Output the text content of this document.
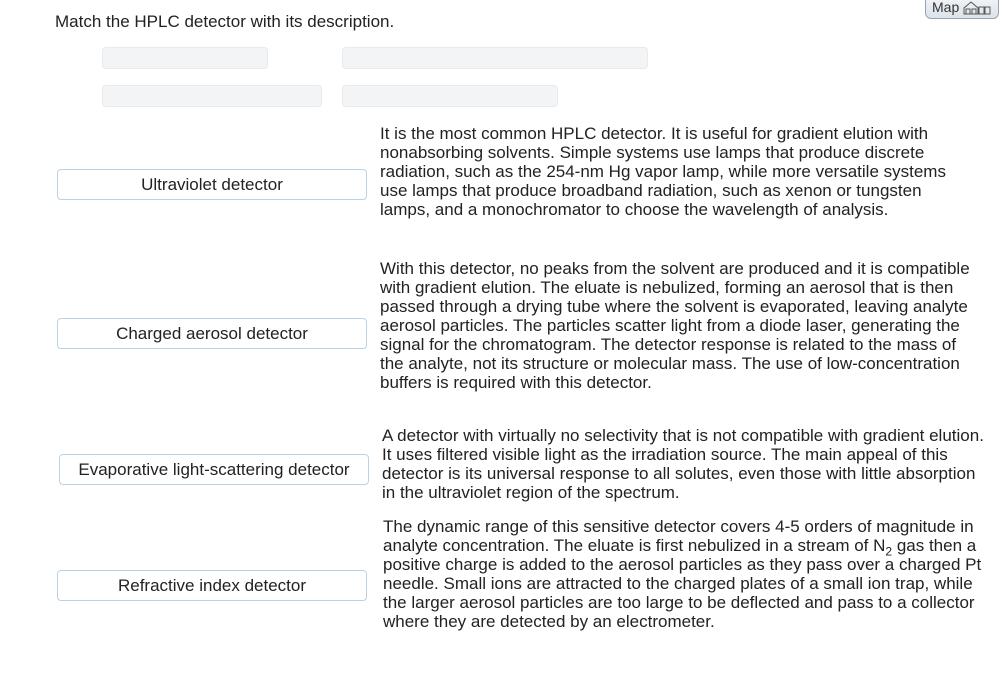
Match the HPLC detector with its description.
Map
Ultraviolet detector
Charged aerosol detector
Evaporative light-scattering detector
Refractive index detector
It is the most common HPLC detector. It is useful for gradient elution with nonabsorbing solvents. Simple systems use lamps that produce discrete radiation, such as the 254-nm Hg vapor lamp, while more versatile systems use lamps that produce broadband radiation, such as xenon or tungsten lamps, and a monochromator to choose the wavelength of analysis.
With this detector, no peaks from the solvent are produced and it is compatible with gradient elution. The eluate is nebulized, forming an aerosol that is then passed through a drying tube where the solvent is evaporated, leaving analyte aerosol particles. The particles scatter light from a diode laser, generating the signal for the chromatogram. The detector response is related to the mass of the analyte, not its structure or molecular mass. The use of low-concentration buffers is required with this detector.
A detector with virtually no selectivity that is not compatible with gradient elution. It uses filtered visible light as the irradiation source. The main appeal of this detector is its universal response to all solutes, even those with little absorption in the ultraviolet region of the spectrum.
The dynamic range of this sensitive detector covers 4-5 orders of magnitude in analyte concentration. The eluate is first nebulized in a stream of $N_2$ gas then a positive charge is added to the aerosol particles as they pass over a charged Pt needle. Small ions are attracted to the charged plates of a small ion trap, while the larger aerosol particles are too large to be deflected and pass to a collector where they are detected by an electrometer.
